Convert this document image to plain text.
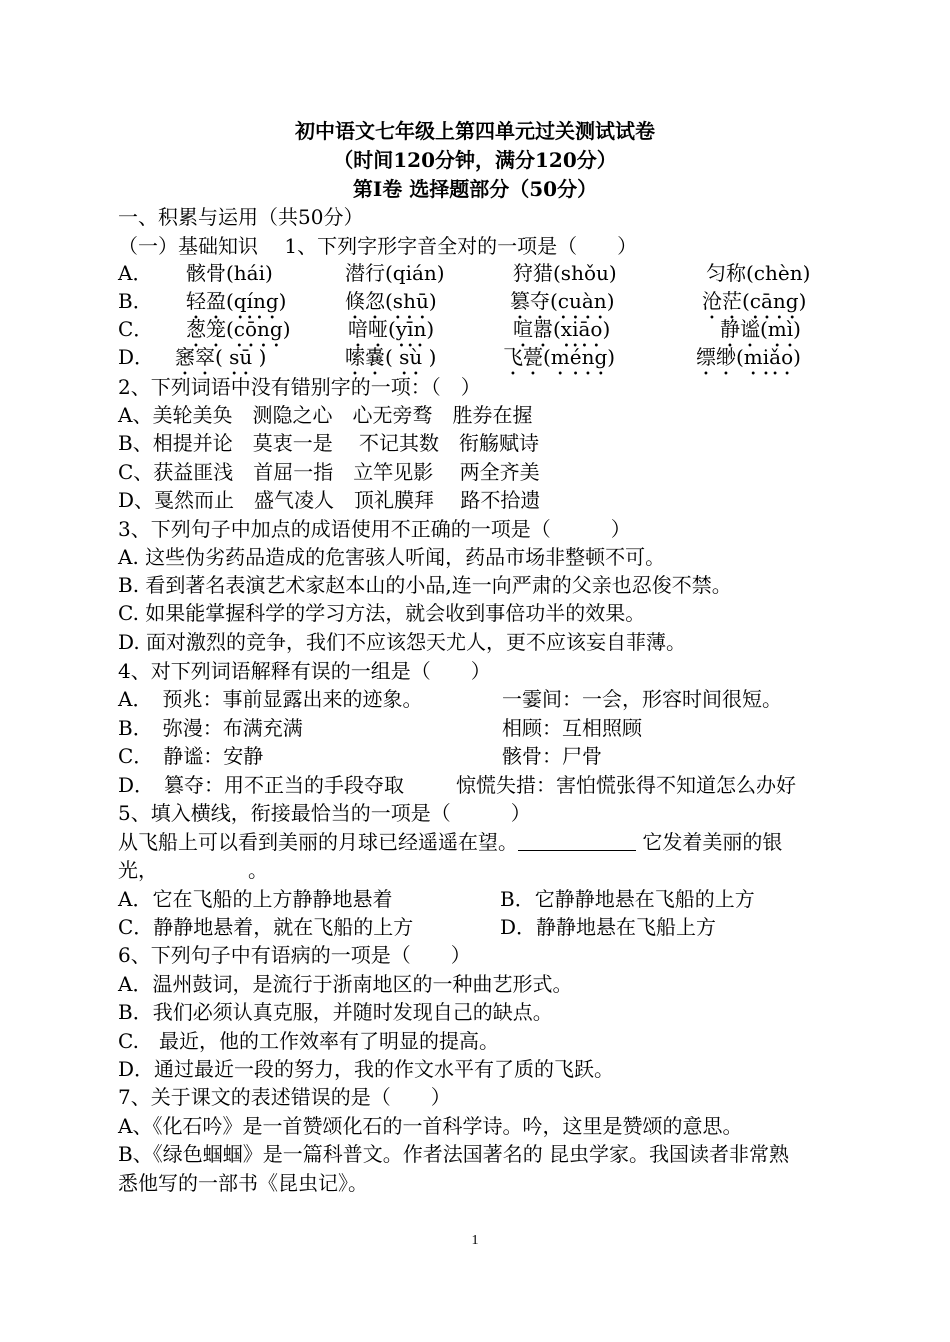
初中语文七年级上第四单元过关测试试卷
（时间120分钟，满分120分）
第Ⅰ卷 选择题部分（50分）
一、积累与运用（共50分）
（一）基础知识　 1、下列字形字音全对的一项是（　　）
A． 骸骨(hái)	潜行(qián)	狩猎(shǒu)	匀称(chèn)
B． 轻盈(qíng)	倏忽(shū)	篡夺(cuàn)	沧茫(cāng)
C． 葱笼(cōng)	喑哑(yīn)	喧嚣(xiāo)	静谧(mì)
D． 窸窣( sū )	嗦嚢( sù )	飞甍(méng)	缥缈(miǎo)
2、下列词语中没有错别字的一项：（　）
A、美轮美奂　测隐之心　心无旁骛　胜券在握
B、相提并论　莫衷一是　 不记其数　衔觞赋诗
C、获益匪浅　首屈一指　立竿见影　 两全齐美
D、戛然而止　盛气凌人　顶礼膜拜　 路不拾遗
3、下列句子中加点的成语使用不正确的一项是（　　　）
A. 这些伪劣药品造成的危害骇人听闻，药品市场非整顿不可。
B. 看到著名表演艺术家赵本山的小品,连一向严肃的父亲也忍俊不禁。
C. 如果能掌握科学的学习方法，就会收到事倍功半的效果。
D. 面对激烈的竞争，我们不应该怨天尤人，更不应该妄自菲薄。
4、对下列词语解释有误的一组是（　　）
A．　预兆：事前显露出来的迹象。	一霎间：一会，形容时间很短。
B．　弥漫：布满充满	相顾：互相照顾
C．　静谧：安静	骸骨：尸骨
D．　篡夺：用不正当的手段夺取	惊慌失措：害怕慌张得不知道怎么办好
5、填入横线，衔接最恰当的一项是（　　　）
从飞船上可以看到美丽的月球已经遥遥在望。	它发着美丽的银
光，　　　　　。
A．它在飞船的上方静静地悬着	B．它静静地悬在飞船的上方
C．静静地悬着，就在飞船的上方	D．静静地悬在飞船上方
6、下列句子中有语病的一项是（　　）
A．温州鼓词，是流行于浙南地区的一种曲艺形式。
B．我们必须认真克服，并随时发现自己的缺点。
C.　最近，他的工作效率有了明显的提高。
D．通过最近一段的努力，我的作文水平有了质的飞跃。
7、关于课文的表述错误的是（　　）
A、《化石吟》是一首赞颂化石的一首科学诗。吟，这里是赞颂的意思。
B、《绿色蝈蝈》是一篇科普文。作者法国著名的 昆虫学家。我国读者非常熟
悉他写的一部书《昆虫记》。
1
